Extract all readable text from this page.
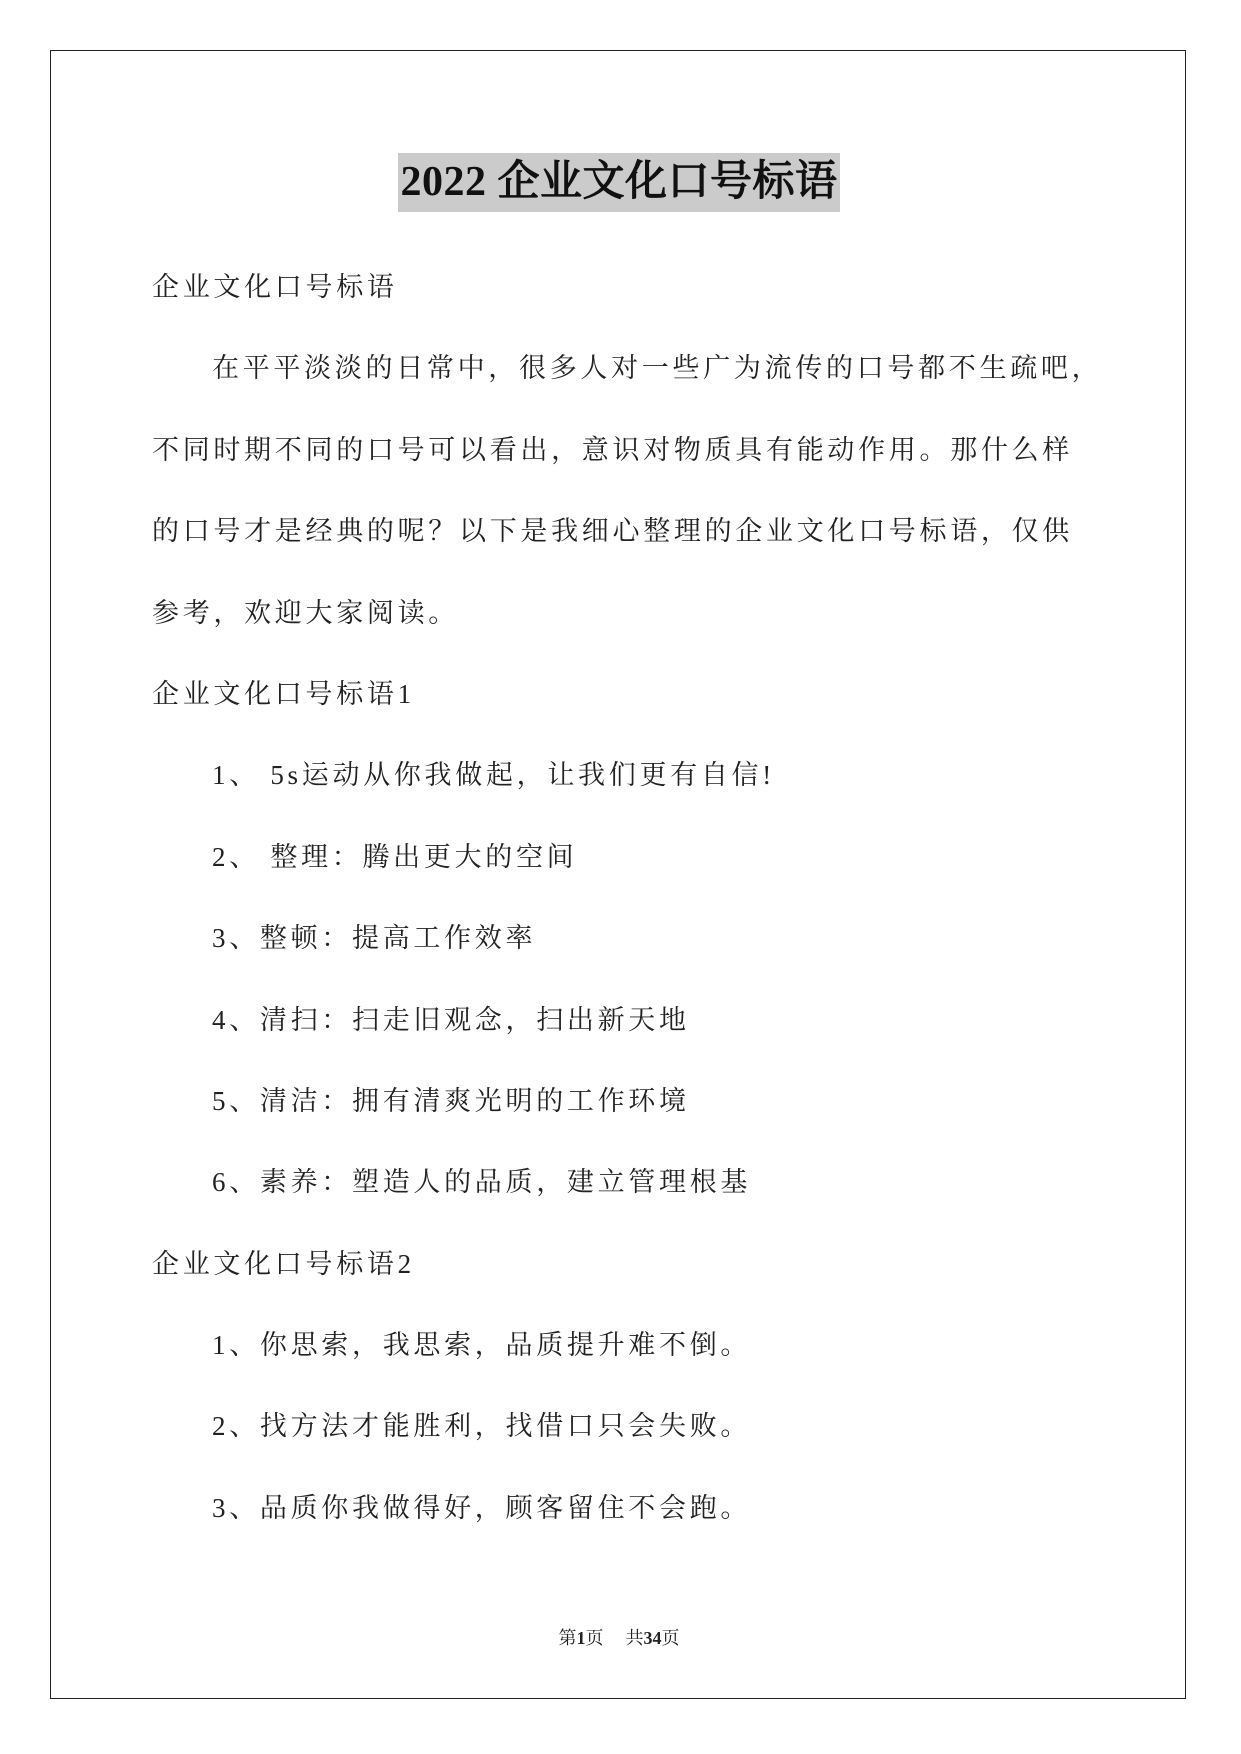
2022 企业文化口号标语
企业文化口号标语
在平平淡淡的日常中，很多人对一些广为流传的口号都不生疏吧，
不同时期不同的口号可以看出，意识对物质具有能动作用。那什么样
的口号才是经典的呢？以下是我细心整理的企业文化口号标语，仅供
参考，欢迎大家阅读。
企业文化口号标语1
1、 5s运动从你我做起，让我们更有自信!
2、 整理：腾出更大的空间
3、整顿：提高工作效率
4、清扫：扫走旧观念，扫出新天地
5、清洁：拥有清爽光明的工作环境
6、素养：塑造人的品质，建立管理根基
企业文化口号标语2
1、你思索，我思索，品质提升难不倒。
2、找方法才能胜利，找借口只会失败。
3、品质你我做得好，顾客留住不会跑。
第1页 共34页
